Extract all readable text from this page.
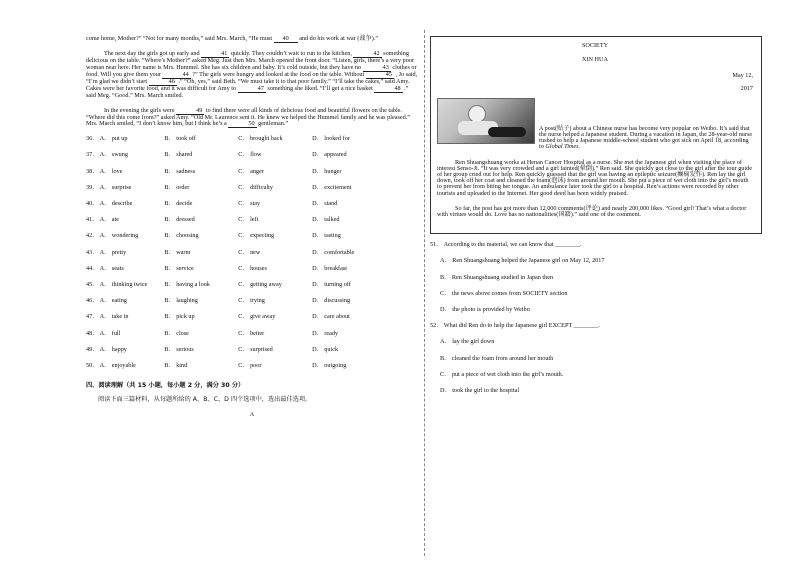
come home, Mother?” “Not for many months,” said Mrs. March, “He must 40 and do his work at war (战争).”

The next day the girls got up early and	41 quickly. They couldn’t wait to run to the kitchen,	42 something delicious on the table. “Where’s Mother?” asked Meg. Just then Mrs. March opened the front door. “Listen, girls, there’s a very poor woman near here. Her name is Mrs. Hummel. She has six children and baby. It’s cold outside, but they have no	43 clothes or food. Will you give them your	44 ?” The girls were hungry and looked at the food on the table. Without	45 , Jo said, “I’m glad we didn’t start	46 .” “Oh, yes,” said Beth. “We must take it to that poor family.” “I’ll take the cakes,” said Amy. Cakes were her favorite food, and it was difficult for Amy to	47 something she liked. “I’ll get a nice basket	48 .” said Meg. “Good.” Mrs. March smiled.

In the evening the girls were	49 to find there were all kinds of delicious food and beautiful flowers on the table. “Where did this come from?” asked Amy. “Old Mr. Laurence sent it. He knew we helped the Hummel family and he was pleased.” Mrs. March smiled, “I don’t know him, but I think he’s a	50 gentleman.”

36． A． put up	B． took off	C． brought back	D． looked for
37． A． swung	B． shared	C． flow	D． appeared
38． A． love	B． sadness	C． anger	D． hunger
39． A． surprise	B． order	C． difficulty	D． excitement
40． A． describe	B． decide	C． stay	D． stand
41． A． ate	B． dressed	C． left	D． talked
42． A． wondering	B． choosing	C． expecting	D． tasting
43． A． pretty	B． warm	C． new	D． comfortable
44． A． seats	B． service	C． houses	D． breakfast
45． A． thinking twice	B． having a look	C． getting away	D． turning off
46． A． eating	B． laughing	C． trying	D． discussing
47． A． take in	B． pick up	C． give away	D． care about
48． A． full	B． close	C． better	D． ready
49． A． happy	B． serious	C． surprised	D． quick
50． A． enjoyable	B． kind	C． poor	D． outgoing
四、阅读理解（共 15 小题，每小题 2 分，满分 30 分）
阅读下面三篇材料，从每题所给的 A、B、C、D 四个选项中，选出最佳选项。
A
SOCIETY
XIN HUA
May 12,
2017

A post(贴子) about a Chinese nurse has become very popular on Weibo. It’s said that the nurse helped a Japanese student. During a vacation in Japan, the 28-year-old nurse rushed to help a Japanese middle-school student who got sick on April 18, according to Global Times.

Ren Shuangshuang works at Henan Cancer Hospital as a nurse. She met the Japanese girl when visiting the place of interest Senso-Ji. “It was very crowded and a girl fainted(晕倒).” Ren said. She quickly got close to the girl after the tour guide of her group cried out for help. Ren quickly guessed that the girl was having an epileptic seizure(癫痫发作). Ren lay the girl down, took off her coat and cleaned the foam(泡沫) from around her mouth. She put a piece of wet cloth into the girl’s mouth to prevent her from biting her tongue. An ambulance later took the girl to a hospital. Ren’s actions were recorded by other tourists and uploaded to the Internet. Her good deed has been widely praised.

So far, the post has got more than 12,000 comments(评论) and nearly 200,000 likes. “Good girl! That’s what a doctor with virtues would do. Love has no nationalities(国籍).” said one of the comment.

51． According to the material, we can know that ________.
A． Ren Shuangshuang helped the Japanese girl on May 12, 2017
B． Ren Shuangshuang studied in Japan then
C． the news above comes from SOCIETY section
D． the photo is provided by Weibo
52． What did Ren do to help the Japanese girl EXCEPT ________.
A． lay the girl down
B． cleaned the foam from around her mouth
C． put a piece of wet cloth into the girl’s mouth.
D． took the girl to the hospital
